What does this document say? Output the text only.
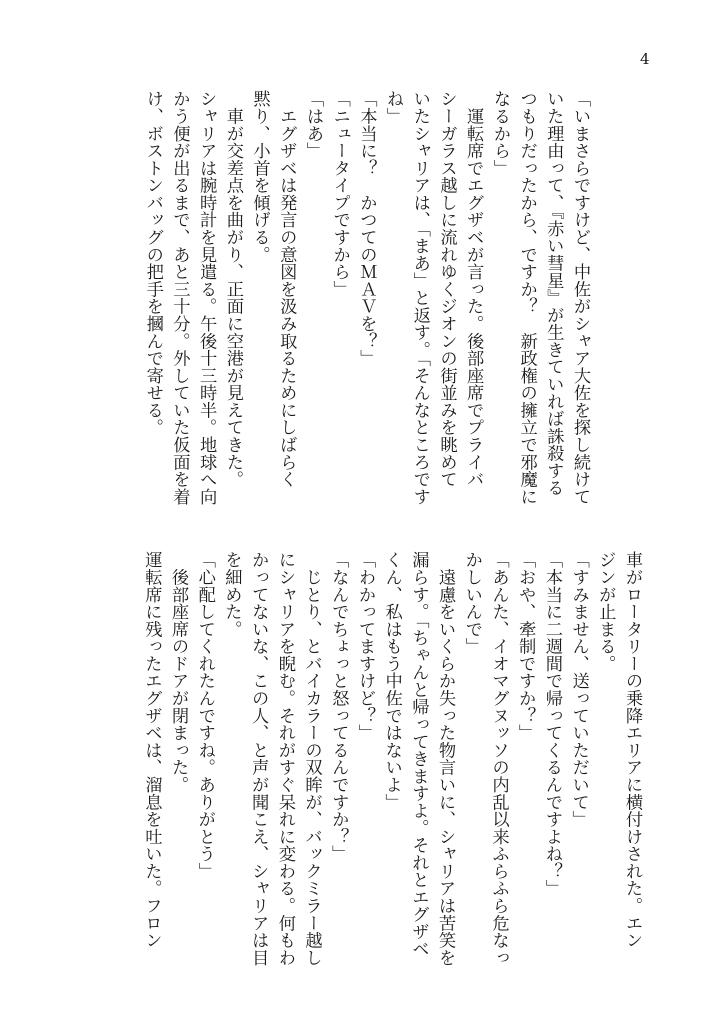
4

「いまさらですけど、中佐がシャア大佐を探し続けて

いた理由って、『赤い彗星』が生きていれば誅殺する

つもりだったから、ですか？　新政権の擁立で邪魔に

なるから」

　運転席でエグザベが言った。後部座席でプライバ

シーガラス越しに流れゆくジオンの街並みを眺めて

いたシャリアは、「まあ」と返す。「そんなところです

ね」

「本当に？　かつてのＭＡＶを？」

「ニュータイプですから」

「はあ」

　エグザベは発言の意図を汲み取るためにしばらく

黙り、小首を傾げる。

　車が交差点を曲がり、正面に空港が見えてきた。

シャリアは腕時計を見遣る。午後十三時半。地球へ向

かう便が出るまで、あと三十分。外していた仮面を着

け、ボストンバッグの把手を摑んで寄せる。

車がロータリーの乗降エリアに横付けされた。エン

ジンが止まる。

「すみません、送っていただいて」

「本当に二週間で帰ってくるんですよね？」

「おや、牽制ですか？」

「あんた、イオマグヌッソの内乱以来ふらふら危なっ

かしいんで」

　遠慮をいくらか失った物言いに、シャリアは苦笑を

漏らす。「ちゃんと帰ってきますよ。それとエグザベ

くん、私はもう中佐ではないよ」

「わかってますけど？」

「なんでちょっと怒ってるんですか？」

　じとり、とバイカラーの双眸が、バックミラー越し

にシャリアを睨む。それがすぐ呆れに変わる。何もわ

かってないな、この人、と声が聞こえ、シャリアは目

を細めた。

「心配してくれたんですね。ありがとう」

　後部座席のドアが閉まった。

運転席に残ったエグザベは、溜息を吐いた。フロン
